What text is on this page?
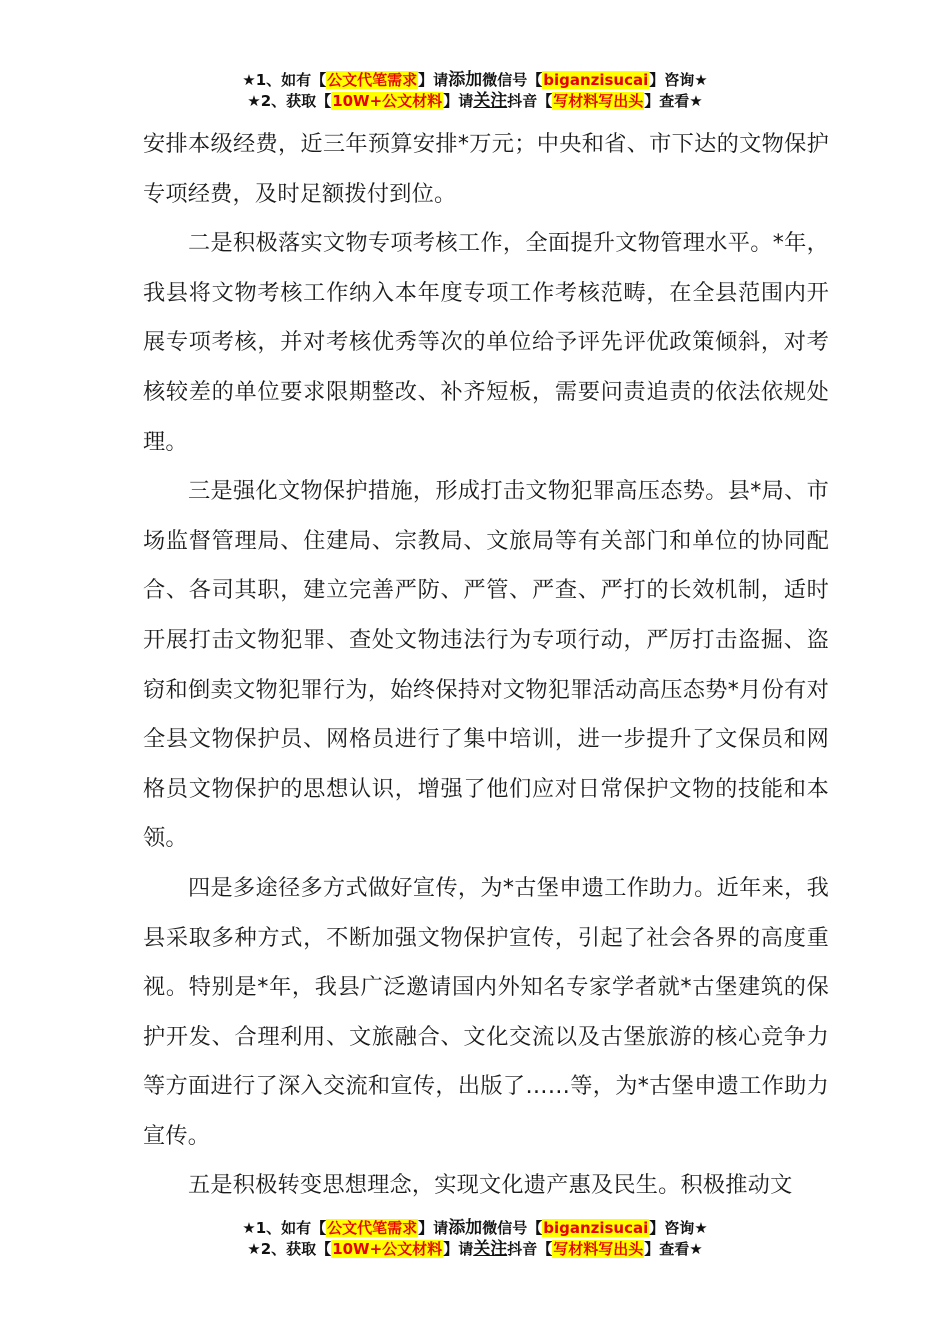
★1、如有【公文代笔需求】请添加微信号【biganzisucai】咨询★
★2、获取【10W+公文材料】请关注抖音【写材料写出头】查看★

安排本级经费，近三年预算安排*万元；中央和省、市下达的文物保护专项经费，及时足额拨付到位。

二是积极落实文物专项考核工作，全面提升文物管理水平。*年，我县将文物考核工作纳入本年度专项工作考核范畴，在全县范围内开展专项考核，并对考核优秀等次的单位给予评先评优政策倾斜，对考核较差的单位要求限期整改、补齐短板，需要问责追责的依法依规处理。

三是强化文物保护措施，形成打击文物犯罪高压态势。县*局、市场监督管理局、住建局、宗教局、文旅局等有关部门和单位的协同配合、各司其职，建立完善严防、严管、严查、严打的长效机制，适时开展打击文物犯罪、查处文物违法行为专项行动，严厉打击盗掘、盗窃和倒卖文物犯罪行为，始终保持对文物犯罪活动高压态势*月份有对全县文物保护员、网格员进行了集中培训，进一步提升了文保员和网格员文物保护的思想认识，增强了他们应对日常保护文物的技能和本领。

四是多途径多方式做好宣传，为*古堡申遗工作助力。近年来，我县采取多种方式，不断加强文物保护宣传，引起了社会各界的高度重视。特别是*年，我县广泛邀请国内外知名专家学者就*古堡建筑的保护开发、合理利用、文旅融合、文化交流以及古堡旅游的核心竞争力等方面进行了深入交流和宣传，出版了……等，为*古堡申遗工作助力宣传。

五是积极转变思想理念，实现文化遗产惠及民生。积极推动文

★1、如有【公文代笔需求】请添加微信号【biganzisucai】咨询★
★2、获取【10W+公文材料】请关注抖音【写材料写出头】查看★
